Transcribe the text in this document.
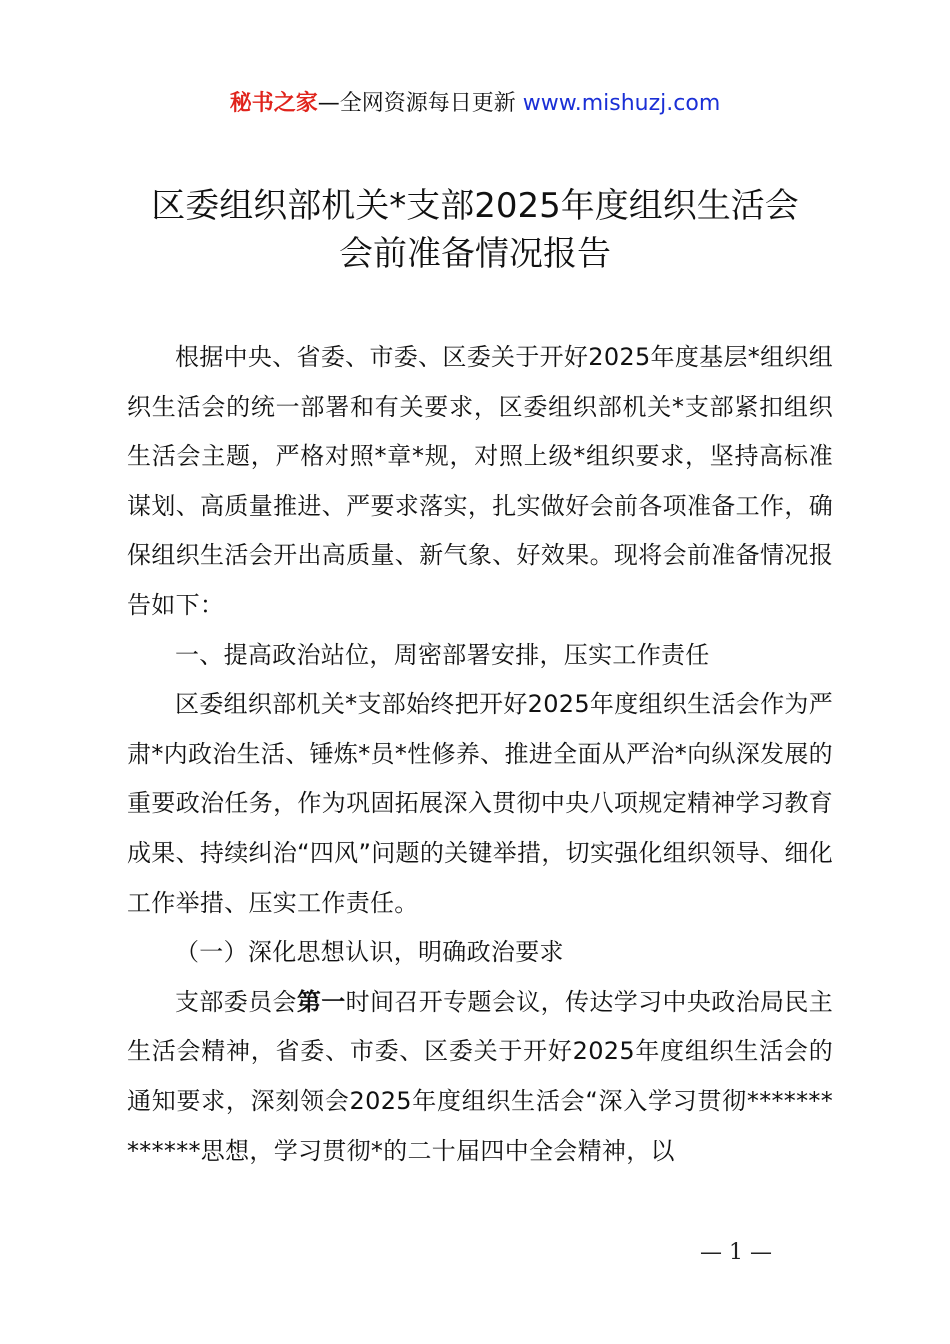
秘书之家—全网资源每日更新 www.mishuzj.com
区委组织部机关*支部2025年度组织生活会
会前准备情况报告

根据中央、省委、市委、区委关于开好2025年度基层*组织组织生活会的统一部署和有关要求，区委组织部机关*支部紧扣组织生活会主题，严格对照*章*规，对照上级*组织要求，坚持高标准谋划、高质量推进、严要求落实，扎实做好会前各项准备工作，确保组织生活会开出高质量、新气象、好效果。现将会前准备情况报告如下：

一、提高政治站位，周密部署安排，压实工作责任

区委组织部机关*支部始终把开好2025年度组织生活会作为严肃*内政治生活、锤炼*员*性修养、推进全面从严治*向纵深发展的重要政治任务，作为巩固拓展深入贯彻中央八项规定精神学习教育成果、持续纠治“四风”问题的关键举措，切实强化组织领导、细化工作举措、压实工作责任。

（一）深化思想认识，明确政治要求

支部委员会第一时间召开专题会议，传达学习中央政治局民主生活会精神，省委、市委、区委关于开好2025年度组织生活会的通知要求，深刻领会2025年度组织生活会“深入学习贯彻*************思想，学习贯彻*的二十届四中全会精神，以

— 1 —
